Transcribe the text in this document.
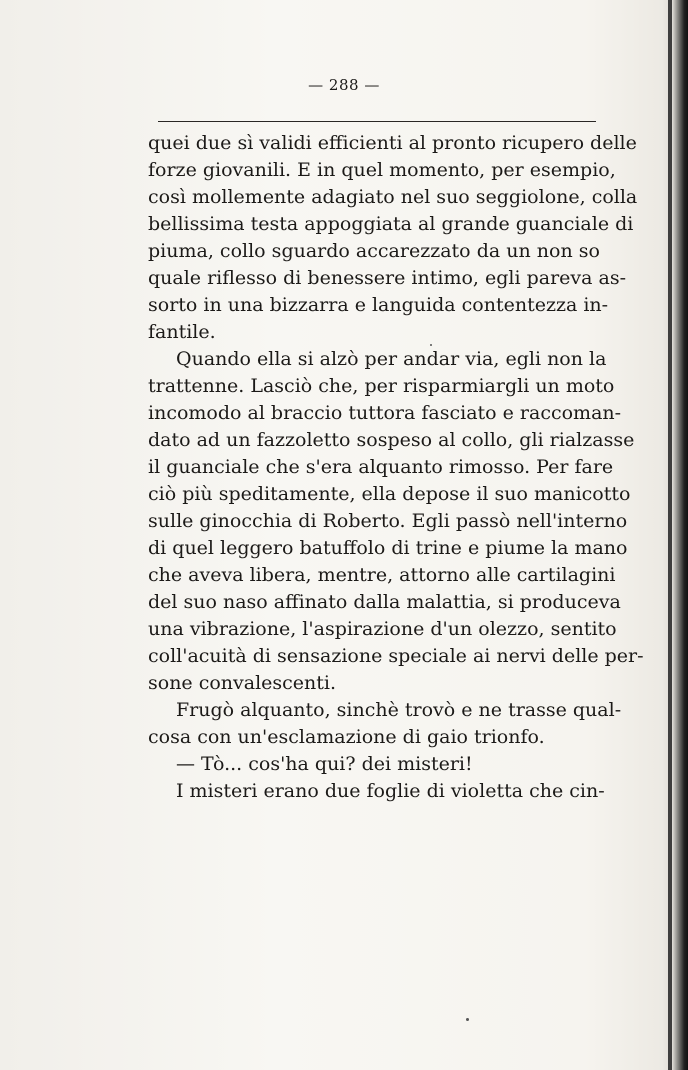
— 288 —
quei due sì validi efficienti al pronto ricupero delle
forze giovanili. E in quel momento, per esempio,
così mollemente adagiato nel suo seggiolone, colla
bellissima testa appoggiata al grande guanciale di
piuma, collo sguardo accarezzato da un non so
quale riflesso di benessere intimo, egli pareva as-
sorto in una bizzarra e languida contentezza in-
fantile.
Quando ella si alzò per andar via, egli non la
trattenne. Lasciò che, per risparmiargli un moto
incomodo al braccio tuttora fasciato e raccoman-
dato ad un fazzoletto sospeso al collo, gli rialzasse
il guanciale che s'era alquanto rimosso. Per fare
ciò più speditamente, ella depose il suo manicotto
sulle ginocchia di Roberto. Egli passò nell'interno
di quel leggero batuffolo di trine e piume la mano
che aveva libera, mentre, attorno alle cartilagini
del suo naso affinato dalla malattia, si produceva
una vibrazione, l'aspirazione d'un olezzo, sentito
coll'acuità di sensazione speciale ai nervi delle per-
sone convalescenti.
Frugò alquanto, sinchè trovò e ne trasse qual-
cosa con un'esclamazione di gaio trionfo.
— Tò... cos'ha qui? dei misteri!
I misteri erano due foglie di violetta che cin-
